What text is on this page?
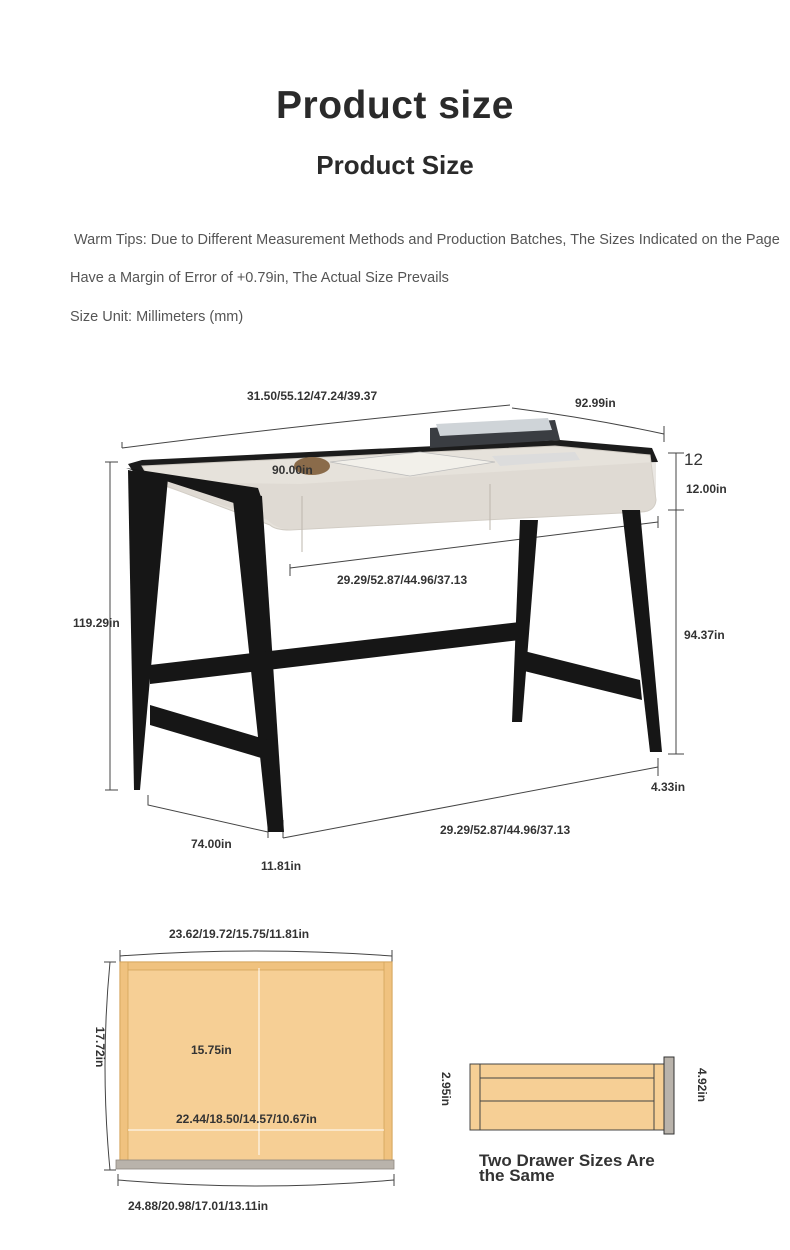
Product size
Product Size
Warm Tips: Due to Different Measurement Methods and Production Batches, The Sizes Indicated on the Page
Have a Margin of Error of +0.79in, The Actual Size Prevails
Size Unit: Millimeters (mm)
31.50/55.12/47.24/39.37	92.99in
90.00in
12
12.00in
29.29/52.87/44.96/37.13
119.29in
94.37in
4.33in
74.00in
29.29/52.87/44.96/37.13
11.81in
23.62/19.72/15.75/11.81in
17.72in	15.75in
22.44/18.50/14.57/10.67in
24.88/20.98/17.01/13.11in
2.95in	4.92in
Two Drawer Sizes Are the Same
